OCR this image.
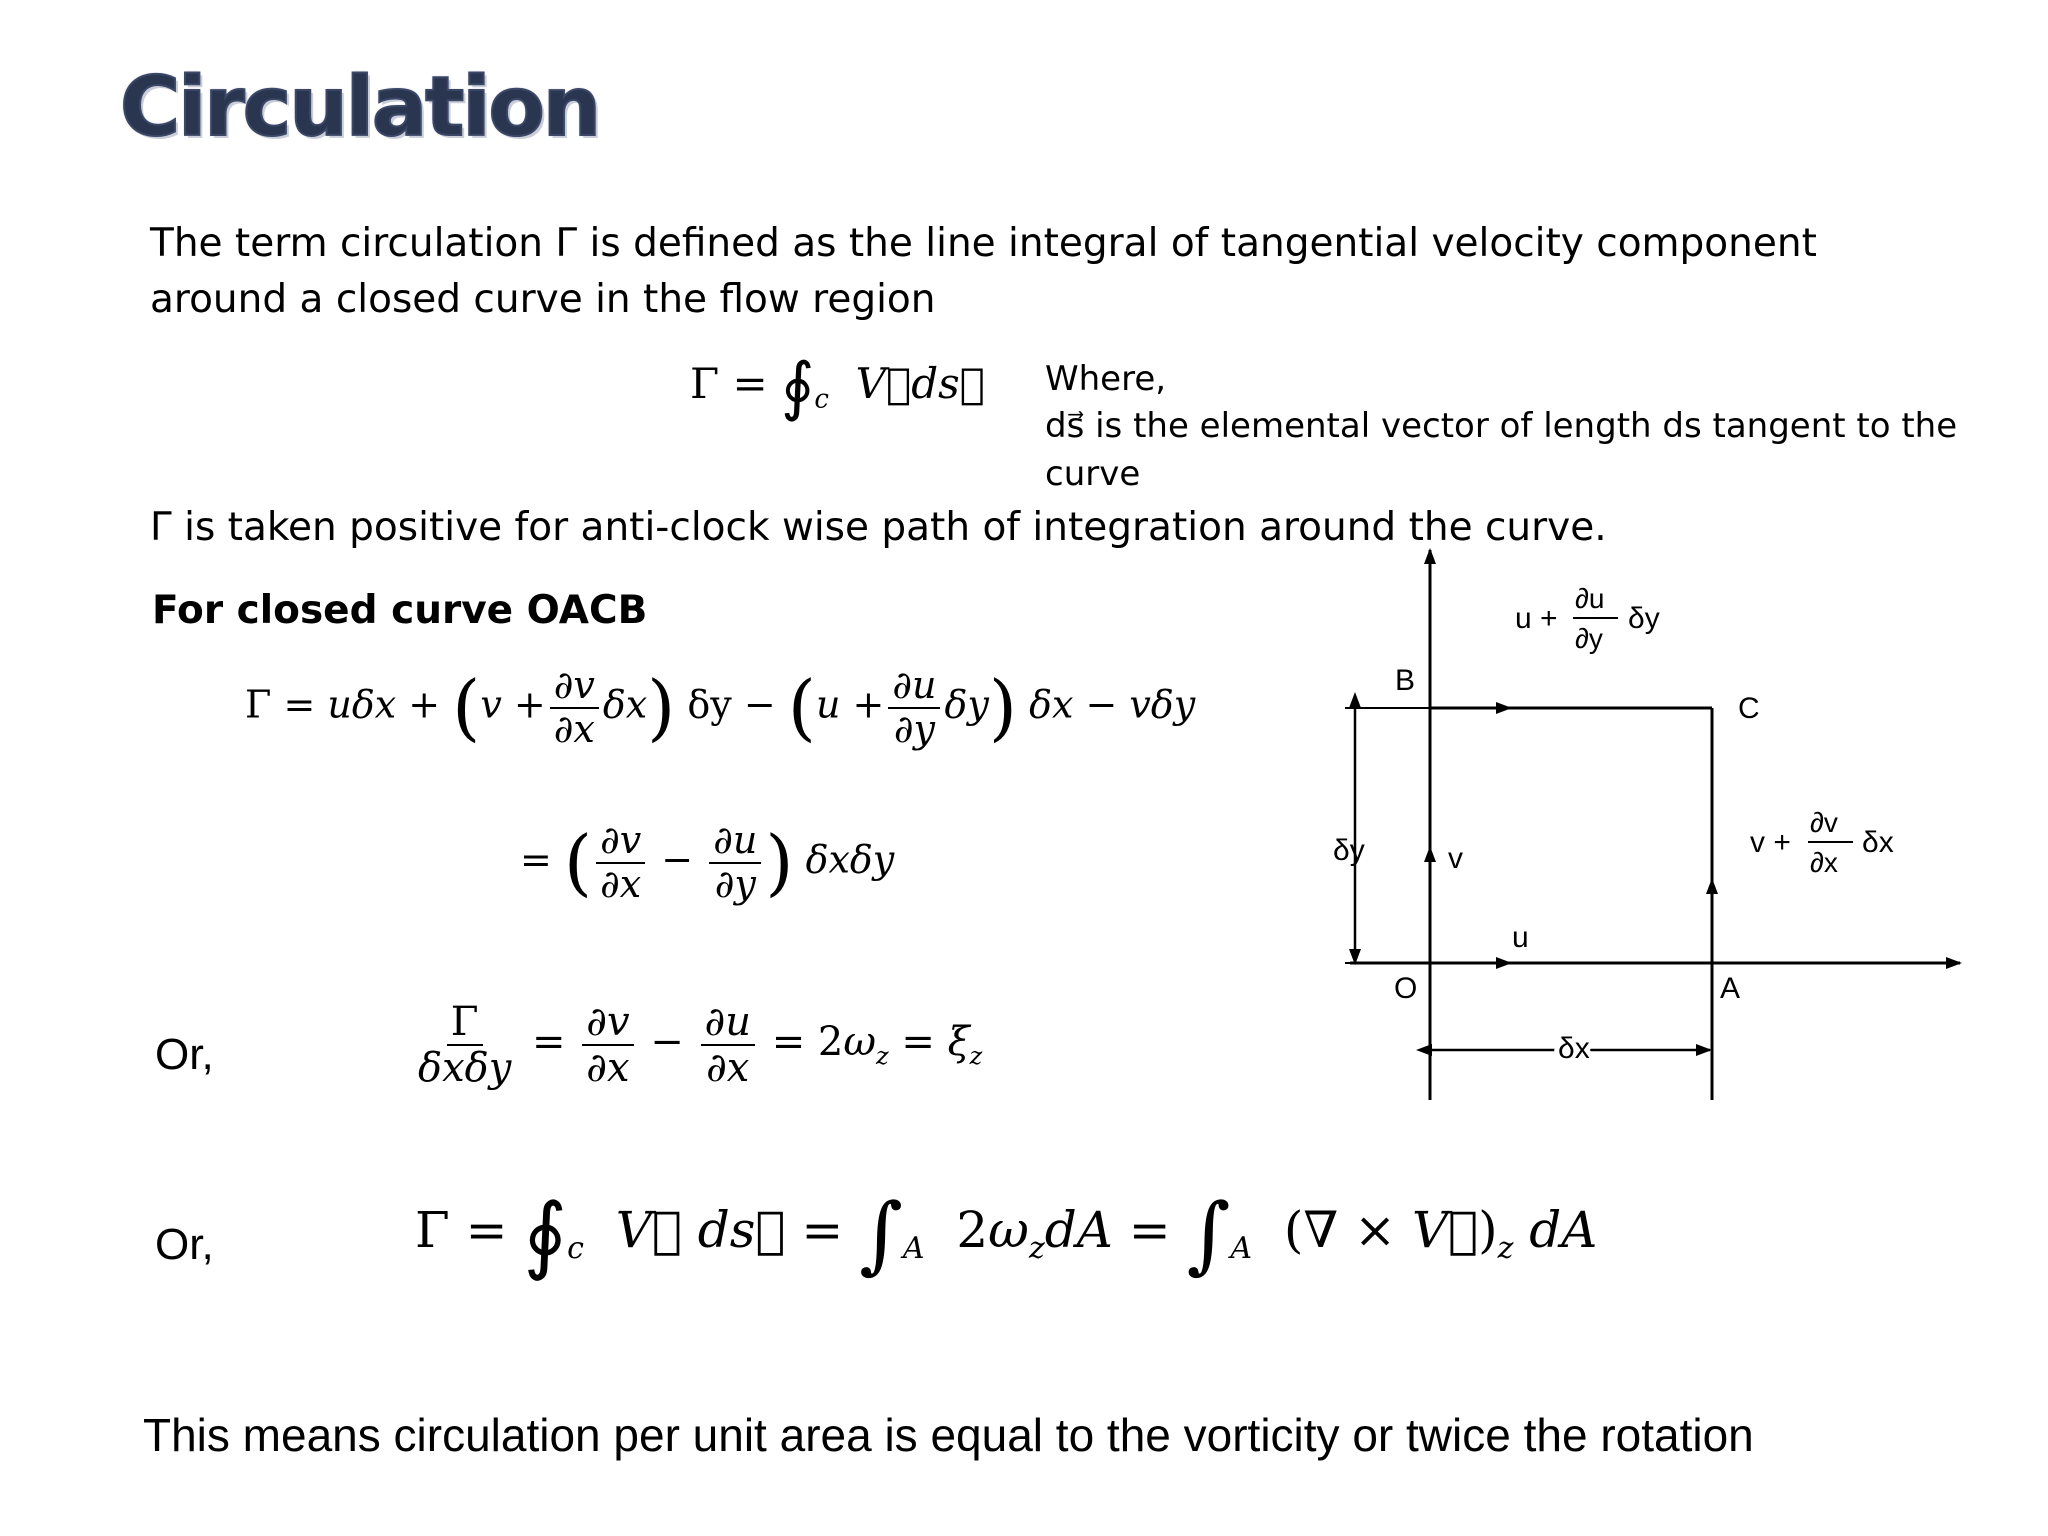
Circulation
The term circulation Γ is defined as the line integral of tangential velocity component around a closed curve in the flow region
$\Gamma = ∮_c$ V⃗ds⃗ Where,
ds⃗ is the elemental vector of length ds tangent to the curve
Γ is taken positive for anti-clock wise path of integration around the curve.
For closed curve OACB
$\Gamma = u\delta x + (v + \frac{\partial v}{\partial x} \delta x)$ $\delta y - (u + \frac{\partial u}{\partial y} \delta y)$ δx − vδy
= ( $\frac{\partial v}{\partial x} - \frac{\partial u}{\partial y}$ ) δxδy
Or,	$\frac{\Gamma}{\text{δxδy}} = \frac{\partial v}{\partial x} - \frac{\partial u}{\partial x} = 2\omega_z = \xi_z$
Or,	$\Gamma = ∮_c$  V⃗ ds⃗ = $\int_A$ $2\omega_zdA = \int_A$ (∇ × $V⃗)_z$ dA
This means circulation per unit area is equal to the vorticity or twice the rotation
B
C
O	A
v
u
δy
δx
u +
∂u
∂y
δy
v +
∂v
∂x
δx
